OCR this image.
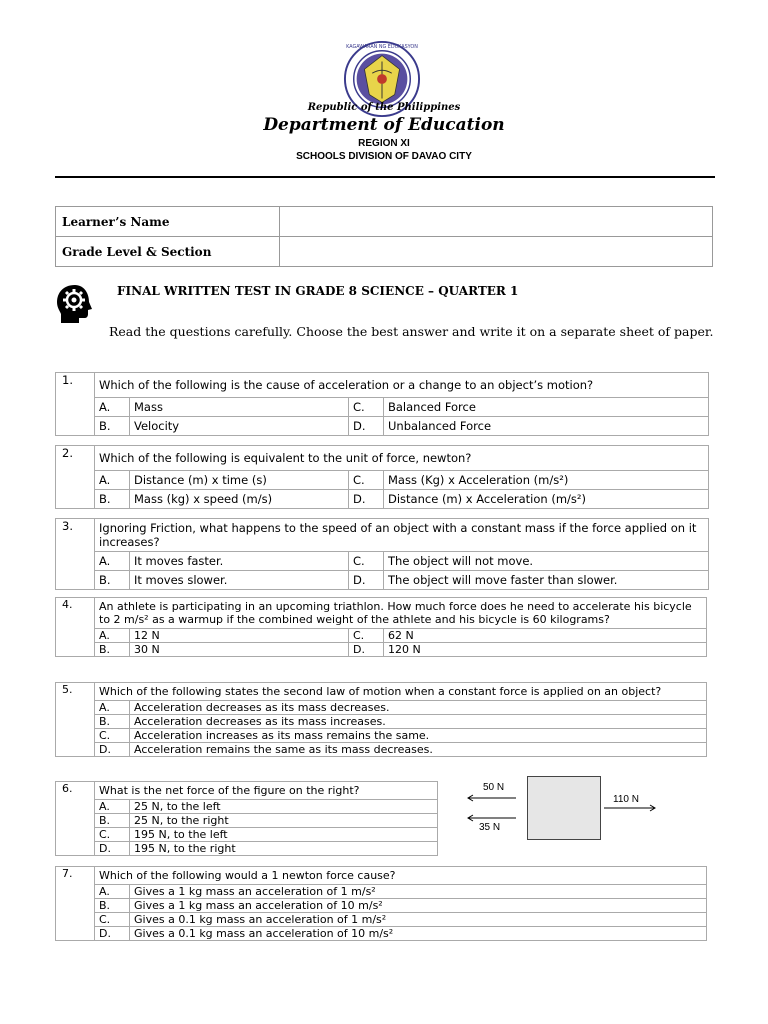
KAGAWARAN NG EDUKASYON
Republic of the Philippines
Department of Education
REGION XI
SCHOOLS DIVISION OF DAVAO CITY
Learner’s Name	
Grade Level & Section	
FINAL WRITTEN TEST IN GRADE 8 SCIENCE – QUARTER 1
Read the questions carefully. Choose the best answer and write it on a separate sheet of paper.
1.	Which of the following is the cause of acceleration or a change to an object’s motion?			
	A.	Mass	C.	Balanced Force
	B.	Velocity	D.	Unbalanced Force
2.	Which of the following is equivalent to the unit of force, newton?			
	A.	Distance (m) x time (s)	C.	Mass (Kg) x Acceleration (m/s²)
	B.	Mass (kg) x speed (m/s)	D.	Distance (m) x Acceleration (m/s²)
3.	Ignoring Friction, what happens to the speed of an object with a constant mass if the force applied on it increases?			
	A.	It moves faster.	C.	The object will not move.
	B.	It moves slower.	D.	The object will move faster than slower.
4.	An athlete is participating in an upcoming triathlon. How much force does he need to accelerate his bicycle to 2 m/s² as a warmup if the combined weight of the athlete and his bicycle is 60 kilograms?			
	A.	12 N	C.	62 N
	B.	30 N	D.	120 N
5.	Which of the following states the second law of motion when a constant force is applied on an object?	
	A.	Acceleration decreases as its mass decreases.
	B.	Acceleration decreases as its mass increases.
	C.	Acceleration increases as its mass remains the same.
	D.	Acceleration remains the same as its mass decreases.
6.	What is the net force of the figure on the right?	
	A.	25 N, to the left
	B.	25 N, to the right
	C.	195 N, to the left
	D.	195 N, to the right
50 N
35 N
110 N
7.	Which of the following would a 1 newton force cause?	
	A.	Gives a 1 kg mass an acceleration of 1 m/s²
	B.	Gives a 1 kg mass an acceleration of 10 m/s²
	C.	Gives a 0.1 kg mass an acceleration of 1 m/s²
	D.	Gives a 0.1 kg mass an acceleration of 10 m/s²
